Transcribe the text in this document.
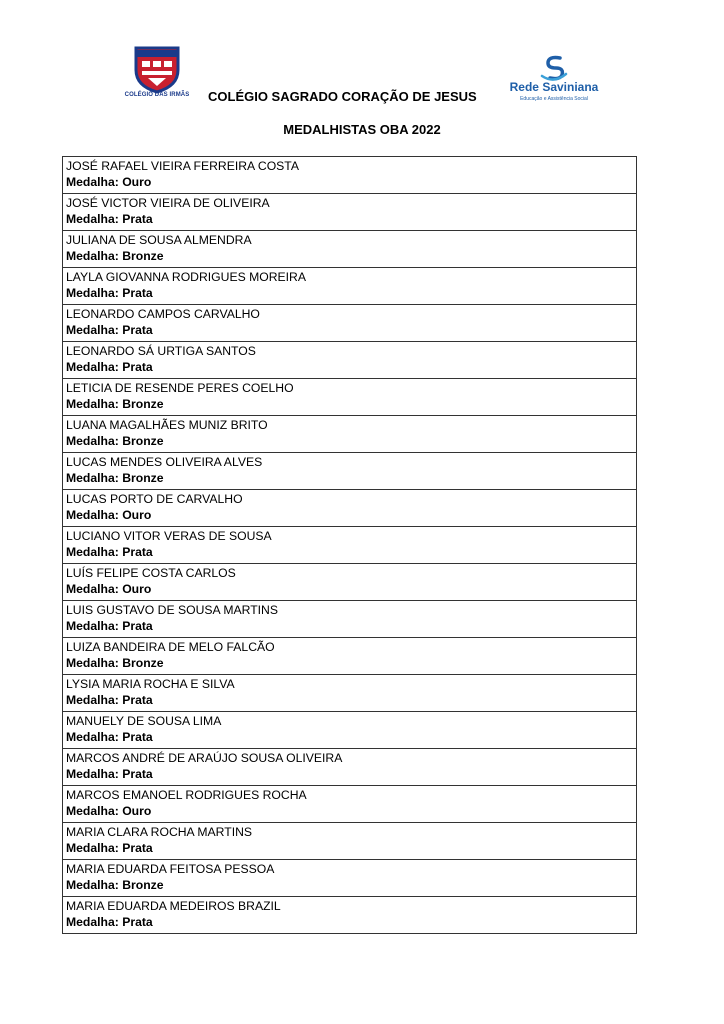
COLÉGIO DAS IRMÃS	COLÉGIO SAGRADO CORAÇÃO DE JESUS
Rede Saviniana
Educação e Assistência Social
MEDALHISTAS OBA 2022
JOSÉ RAFAEL VIEIRA FERREIRA COSTA
Medalha: Ouro
JOSÉ VICTOR VIEIRA DE OLIVEIRA
Medalha: Prata
JULIANA DE SOUSA ALMENDRA
Medalha: Bronze
LAYLA GIOVANNA RODRIGUES MOREIRA
Medalha: Prata
LEONARDO CAMPOS CARVALHO
Medalha: Prata
LEONARDO SÁ URTIGA SANTOS
Medalha: Prata
LETICIA DE RESENDE PERES COELHO
Medalha: Bronze
LUANA MAGALHÃES MUNIZ BRITO
Medalha: Bronze
LUCAS MENDES OLIVEIRA ALVES
Medalha: Bronze
LUCAS PORTO DE CARVALHO
Medalha: Ouro
LUCIANO VITOR VERAS DE SOUSA
Medalha: Prata
LUÍS FELIPE COSTA CARLOS
Medalha: Ouro
LUIS GUSTAVO DE SOUSA MARTINS
Medalha: Prata
LUIZA BANDEIRA DE MELO FALCÃO
Medalha: Bronze
LYSIA MARIA ROCHA E SILVA
Medalha: Prata
MANUELY DE SOUSA LIMA
Medalha: Prata
MARCOS ANDRÉ DE ARAÚJO SOUSA OLIVEIRA
Medalha: Prata
MARCOS EMANOEL RODRIGUES ROCHA
Medalha: Ouro
MARIA CLARA ROCHA MARTINS
Medalha: Prata
MARIA EDUARDA FEITOSA PESSOA
Medalha: Bronze
MARIA EDUARDA MEDEIROS BRAZIL
Medalha: Prata
